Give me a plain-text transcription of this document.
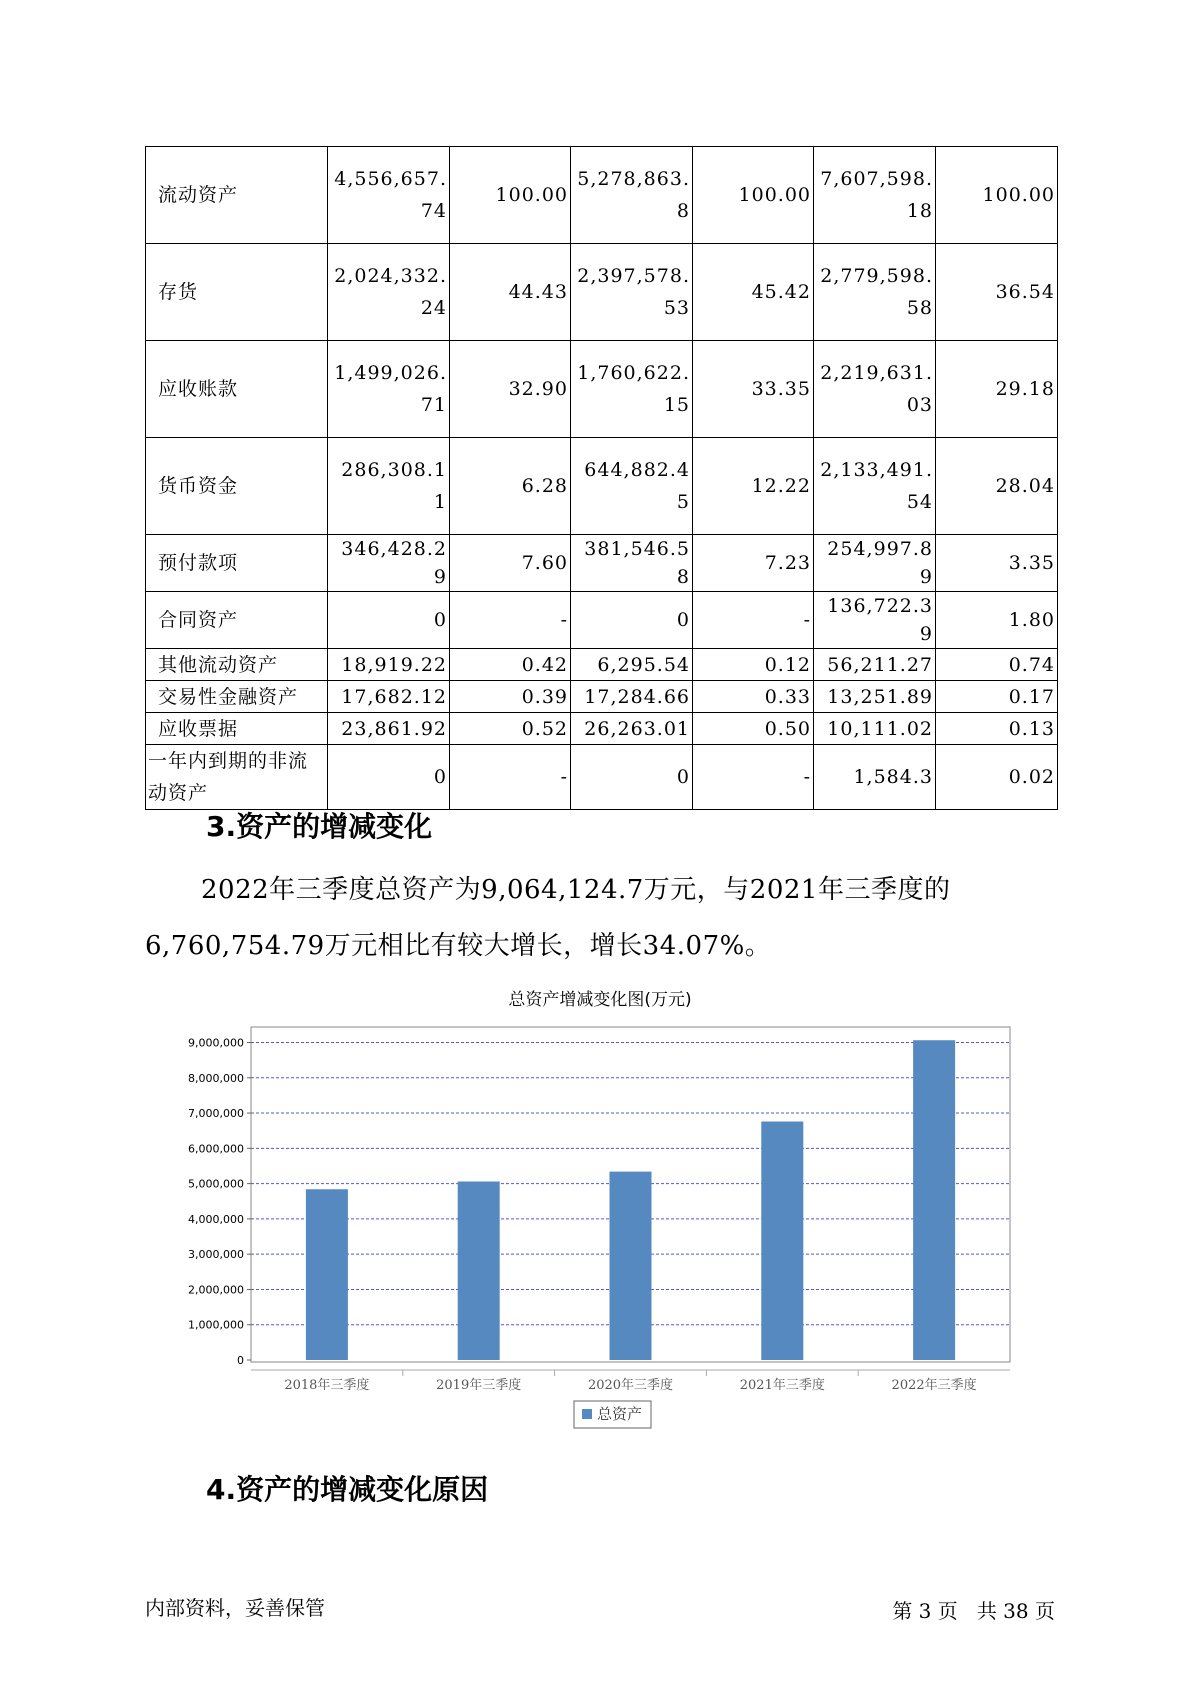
流动资产	4,556,657.74	100.00	5,278,863.8	100.00	7,607,598.18	100.00
存货	2,024,332.24	44.43	2,397,578.53	45.42	2,779,598.58	36.54
应收账款	1,499,026.71	32.90	1,760,622.15	33.35	2,219,631.03	29.18
货币资金	286,308.11	6.28	644,882.45	12.22	2,133,491.54	28.04
预付款项	346,428.29	7.60	381,546.58	7.23	254,997.89	3.35
合同资产	0	-	0	-	136,722.39	1.80
其他流动资产	18,919.22	0.42	6,295.54	0.12	56,211.27	0.74
交易性金融资产	17,682.12	0.39	17,284.66	0.33	13,251.89	0.17
应收票据	23,861.92	0.52	26,263.01	0.50	10,111.02	0.13
一年内到期的非流动资产	0	-	0	-	1,584.3	0.02
3.资产的增减变化
2022年三季度总资产为9,064,124.7万元，与2021年三季度的6,760,754.79万元相比有较大增长，增长34.07%。
总资产增减变化图(万元)
0
1,000,000
2,000,000
3,000,000
4,000,000
5,000,000
6,000,000
7,000,000
8,000,000
9,000,000
2018年三季度	2019年三季度	2020年三季度	2021年三季度	2022年三季度
总资产
4.资产的增减变化原因
内部资料，妥善保管	第 3 页   共 38 页
